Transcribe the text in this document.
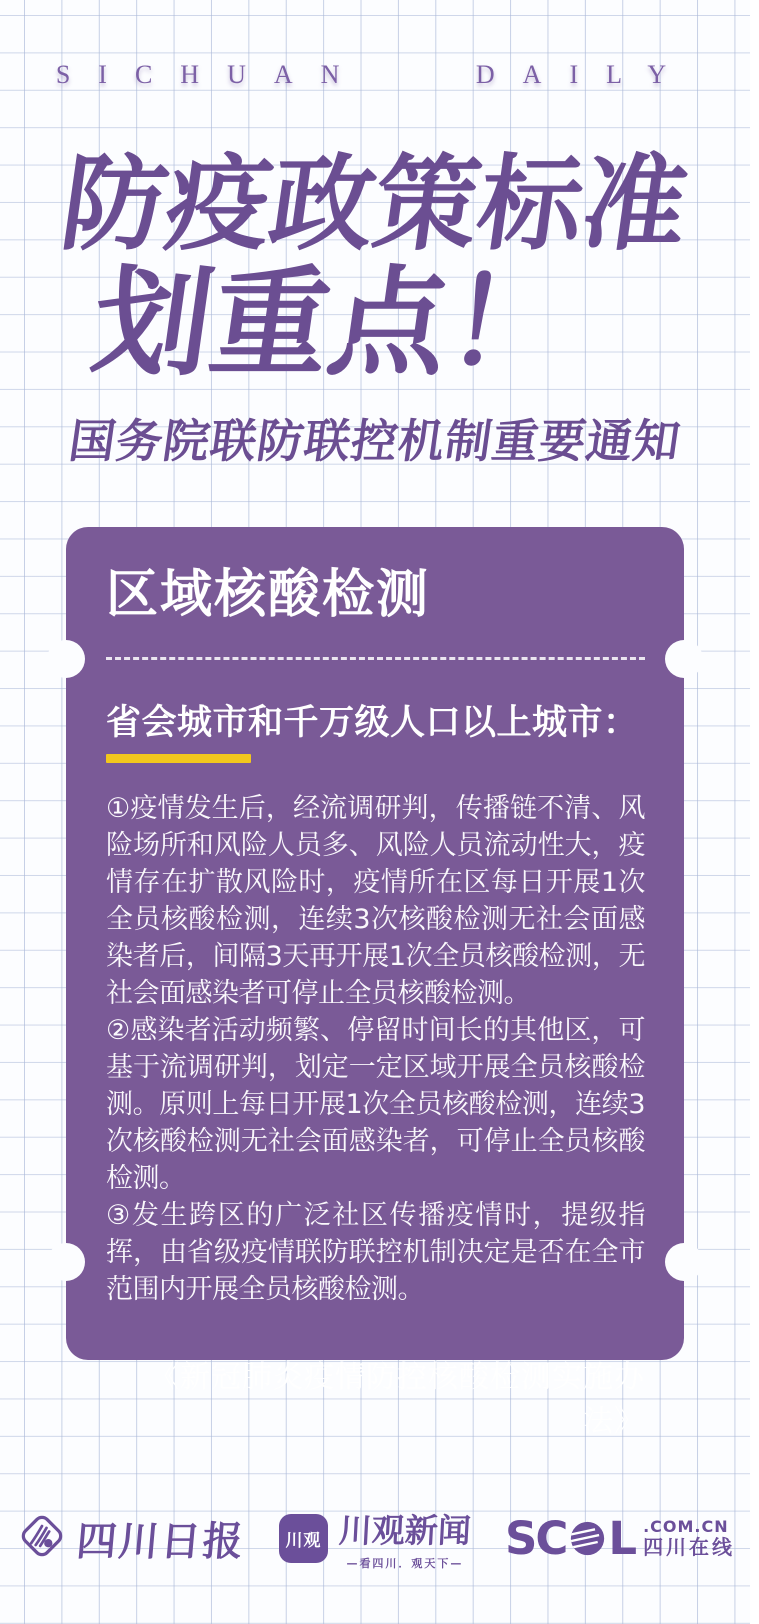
SICHUAN DAILY
防疫政策标准
划重点！
国务院联防联控机制重要通知
区域核酸检测
省会城市和千万级人口以上城市：

①疫情发生后，经流调研判，传播链不清、风险场所和风险人员多、风险人员流动性大，疫情存在扩散风险时，疫情所在区每日开展1次全员核酸检测，连续3次核酸检测无社会面感染者后，间隔3天再开展1次全员核酸检测，无社会面感染者可停止全员核酸检测。

②感染者活动频繁、停留时间长的其他区，可基于流调研判，划定一定区域开展全员核酸检测。原则上每日开展1次全员核酸检测，连续3次核酸检测无社会面感染者，可停止全员核酸检测。

③发生跨区的广泛社区传播疫情时，提级指挥，由省级疫情联防联控机制决定是否在全市范围内开展全员核酸检测。

《新冠肺炎疫情防控核酸检测实施办法》
四川日报	川观 川观新闻
—看四川．观天下— SC L .COM.CN
四川在线
